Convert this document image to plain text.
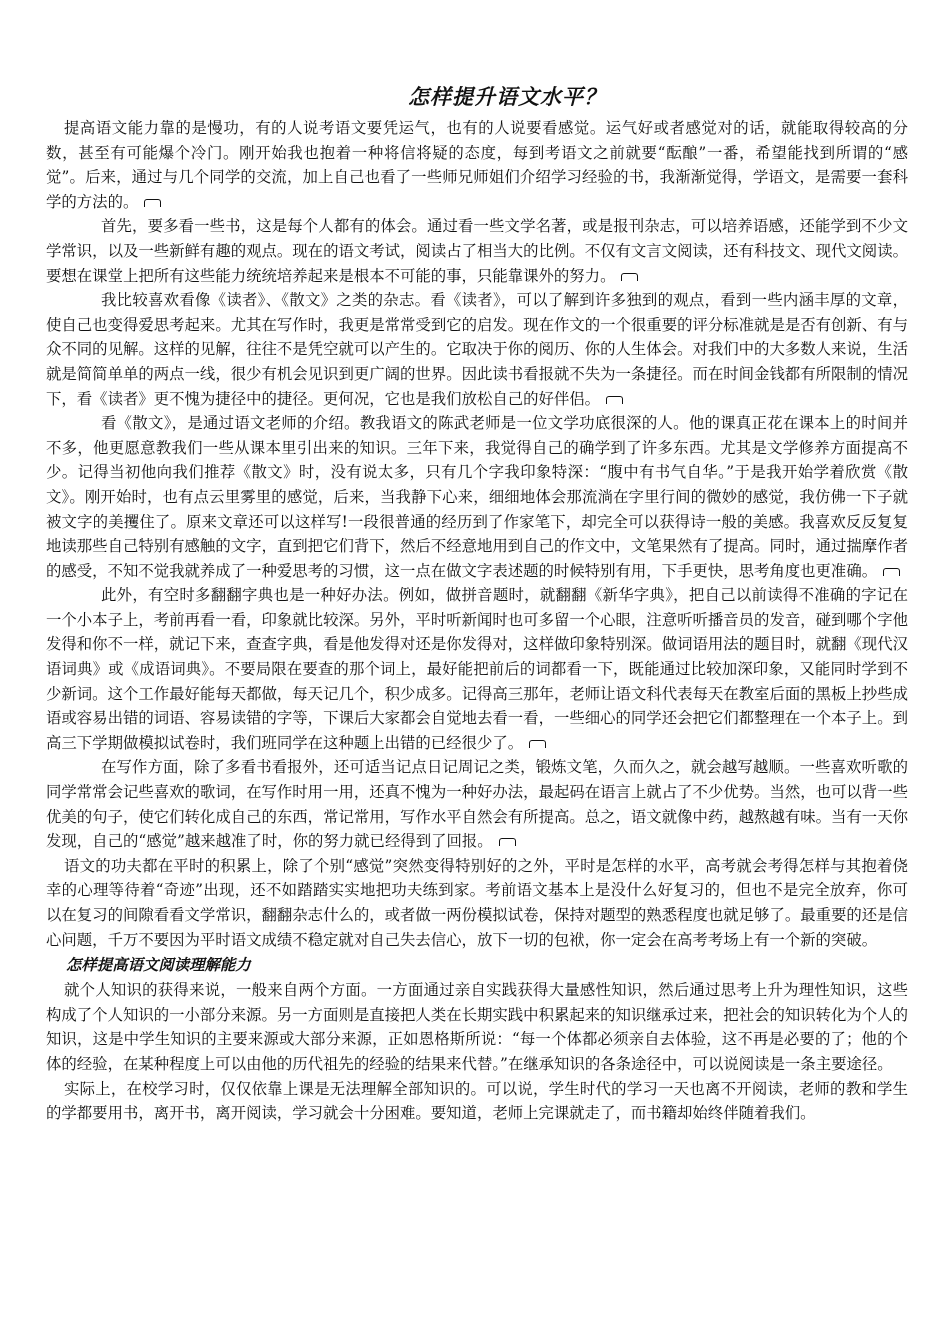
怎样提升语文水平？

提高语文能力靠的是慢功，有的人说考语文要凭运气，也有的人说要看感觉。运气好或者感觉对的话，就能取得较高的分数，甚至有可能爆个冷门。刚开始我也抱着一种将信将疑的态度，每到考语文之前就要“酝酿”一番，希望能找到所谓的“感觉”。后来，通过与几个同学的交流，加上自己也看了一些师兄师姐们介绍学习经验的书，我渐渐觉得，学语文，是需要一套科学的方法的。

首先，要多看一些书，这是每个人都有的体会。通过看一些文学名著，或是报刊杂志，可以培养语感，还能学到不少文学常识，以及一些新鲜有趣的观点。现在的语文考试，阅读占了相当大的比例。不仅有文言文阅读，还有科技文、现代文阅读。要想在课堂上把所有这些能力统统培养起来是根本不可能的事，只能靠课外的努力。

我比较喜欢看像《读者》、《散文》之类的杂志。看《读者》，可以了解到许多独到的观点，看到一些内涵丰厚的文章，使自己也变得爱思考起来。尤其在写作时，我更是常常受到它的启发。现在作文的一个很重要的评分标准就是是否有创新、有与众不同的见解。这样的见解，往往不是凭空就可以产生的。它取决于你的阅历、你的人生体会。对我们中的大多数人来说，生活就是简简单单的两点一线，很少有机会见识到更广阔的世界。因此读书看报就不失为一条捷径。而在时间金钱都有所限制的情况下，看《读者》更不愧为捷径中的捷径。更何况，它也是我们放松自己的好伴侣。

看《散文》，是通过语文老师的介绍。教我语文的陈武老师是一位文学功底很深的人。他的课真正花在课本上的时间并不多，他更愿意教我们一些从课本里引出来的知识。三年下来，我觉得自己的确学到了许多东西。尤其是文学修养方面提高不少。记得当初他向我们推荐《散文》时，没有说太多，只有几个字我印象特深：“腹中有书气自华。”于是我开始学着欣赏《散文》。刚开始时，也有点云里雾里的感觉，后来，当我静下心来，细细地体会那流淌在字里行间的微妙的感觉，我仿佛一下子就被文字的美攫住了。原来文章还可以这样写!一段很普通的经历到了作家笔下，却完全可以获得诗一般的美感。我喜欢反反复复地读那些自己特别有感触的文字，直到把它们背下，然后不经意地用到自己的作文中，文笔果然有了提高。同时，通过揣摩作者的感受，不知不觉我就养成了一种爱思考的习惯，这一点在做文字表述题的时候特别有用，下手更快，思考角度也更准确。

此外，有空时多翻翻字典也是一种好办法。例如，做拼音题时，就翻翻《新华字典》，把自己以前读得不准确的字记在一个小本子上，考前再看一看，印象就比较深。另外，平时听新闻时也可多留一个心眼，注意听听播音员的发音，碰到哪个字他发得和你不一样，就记下来，查查字典，看是他发得对还是你发得对，这样做印象特别深。做词语用法的题目时，就翻《现代汉语词典》或《成语词典》。不要局限在要查的那个词上，最好能把前后的词都看一下，既能通过比较加深印象，又能同时学到不少新词。这个工作最好能每天都做，每天记几个，积少成多。记得高三那年，老师让语文科代表每天在教室后面的黑板上抄些成语或容易出错的词语、容易读错的字等，下课后大家都会自觉地去看一看，一些细心的同学还会把它们都整理在一个本子上。到高三下学期做模拟试卷时，我们班同学在这种题上出错的已经很少了。

在写作方面，除了多看书看报外，还可适当记点日记周记之类，锻炼文笔，久而久之，就会越写越顺。一些喜欢听歌的同学常常会记些喜欢的歌词，在写作时用一用，还真不愧为一种好办法，最起码在语言上就占了不少优势。当然，也可以背一些优美的句子，使它们转化成自己的东西，常记常用，写作水平自然会有所提高。总之，语文就像中药，越熬越有味。当有一天你发现，自己的“感觉”越来越准了时，你的努力就已经得到了回报。

语文的功夫都在平时的积累上，除了个别“感觉”突然变得特别好的之外，平时是怎样的水平，高考就会考得怎样与其抱着侥幸的心理等待着“奇迹”出现，还不如踏踏实实地把功夫练到家。考前语文基本上是没什么好复习的，但也不是完全放弃，你可以在复习的间隙看看文学常识，翻翻杂志什么的，或者做一两份模拟试卷，保持对题型的熟悉程度也就足够了。最重要的还是信心问题，千万不要因为平时语文成绩不稳定就对自己失去信心，放下一切的包袱，你一定会在高考考场上有一个新的突破。

怎样提高语文阅读理解能力

就个人知识的获得来说，一般来自两个方面。一方面通过亲自实践获得大量感性知识，然后通过思考上升为理性知识，这些构成了个人知识的一小部分来源。另一方面则是直接把人类在长期实践中积累起来的知识继承过来，把社会的知识转化为个人的知识，这是中学生知识的主要来源或大部分来源，正如恩格斯所说：“每一个体都必须亲自去体验，这不再是必要的了；他的个体的经验，在某种程度上可以由他的历代祖先的经验的结果来代替。”在继承知识的各条途径中，可以说阅读是一条主要途径。

实际上，在校学习时，仅仅依靠上课是无法理解全部知识的。可以说，学生时代的学习一天也离不开阅读，老师的教和学生的学都要用书，离开书，离开阅读，学习就会十分困难。要知道，老师上完课就走了，而书籍却始终伴随着我们。
